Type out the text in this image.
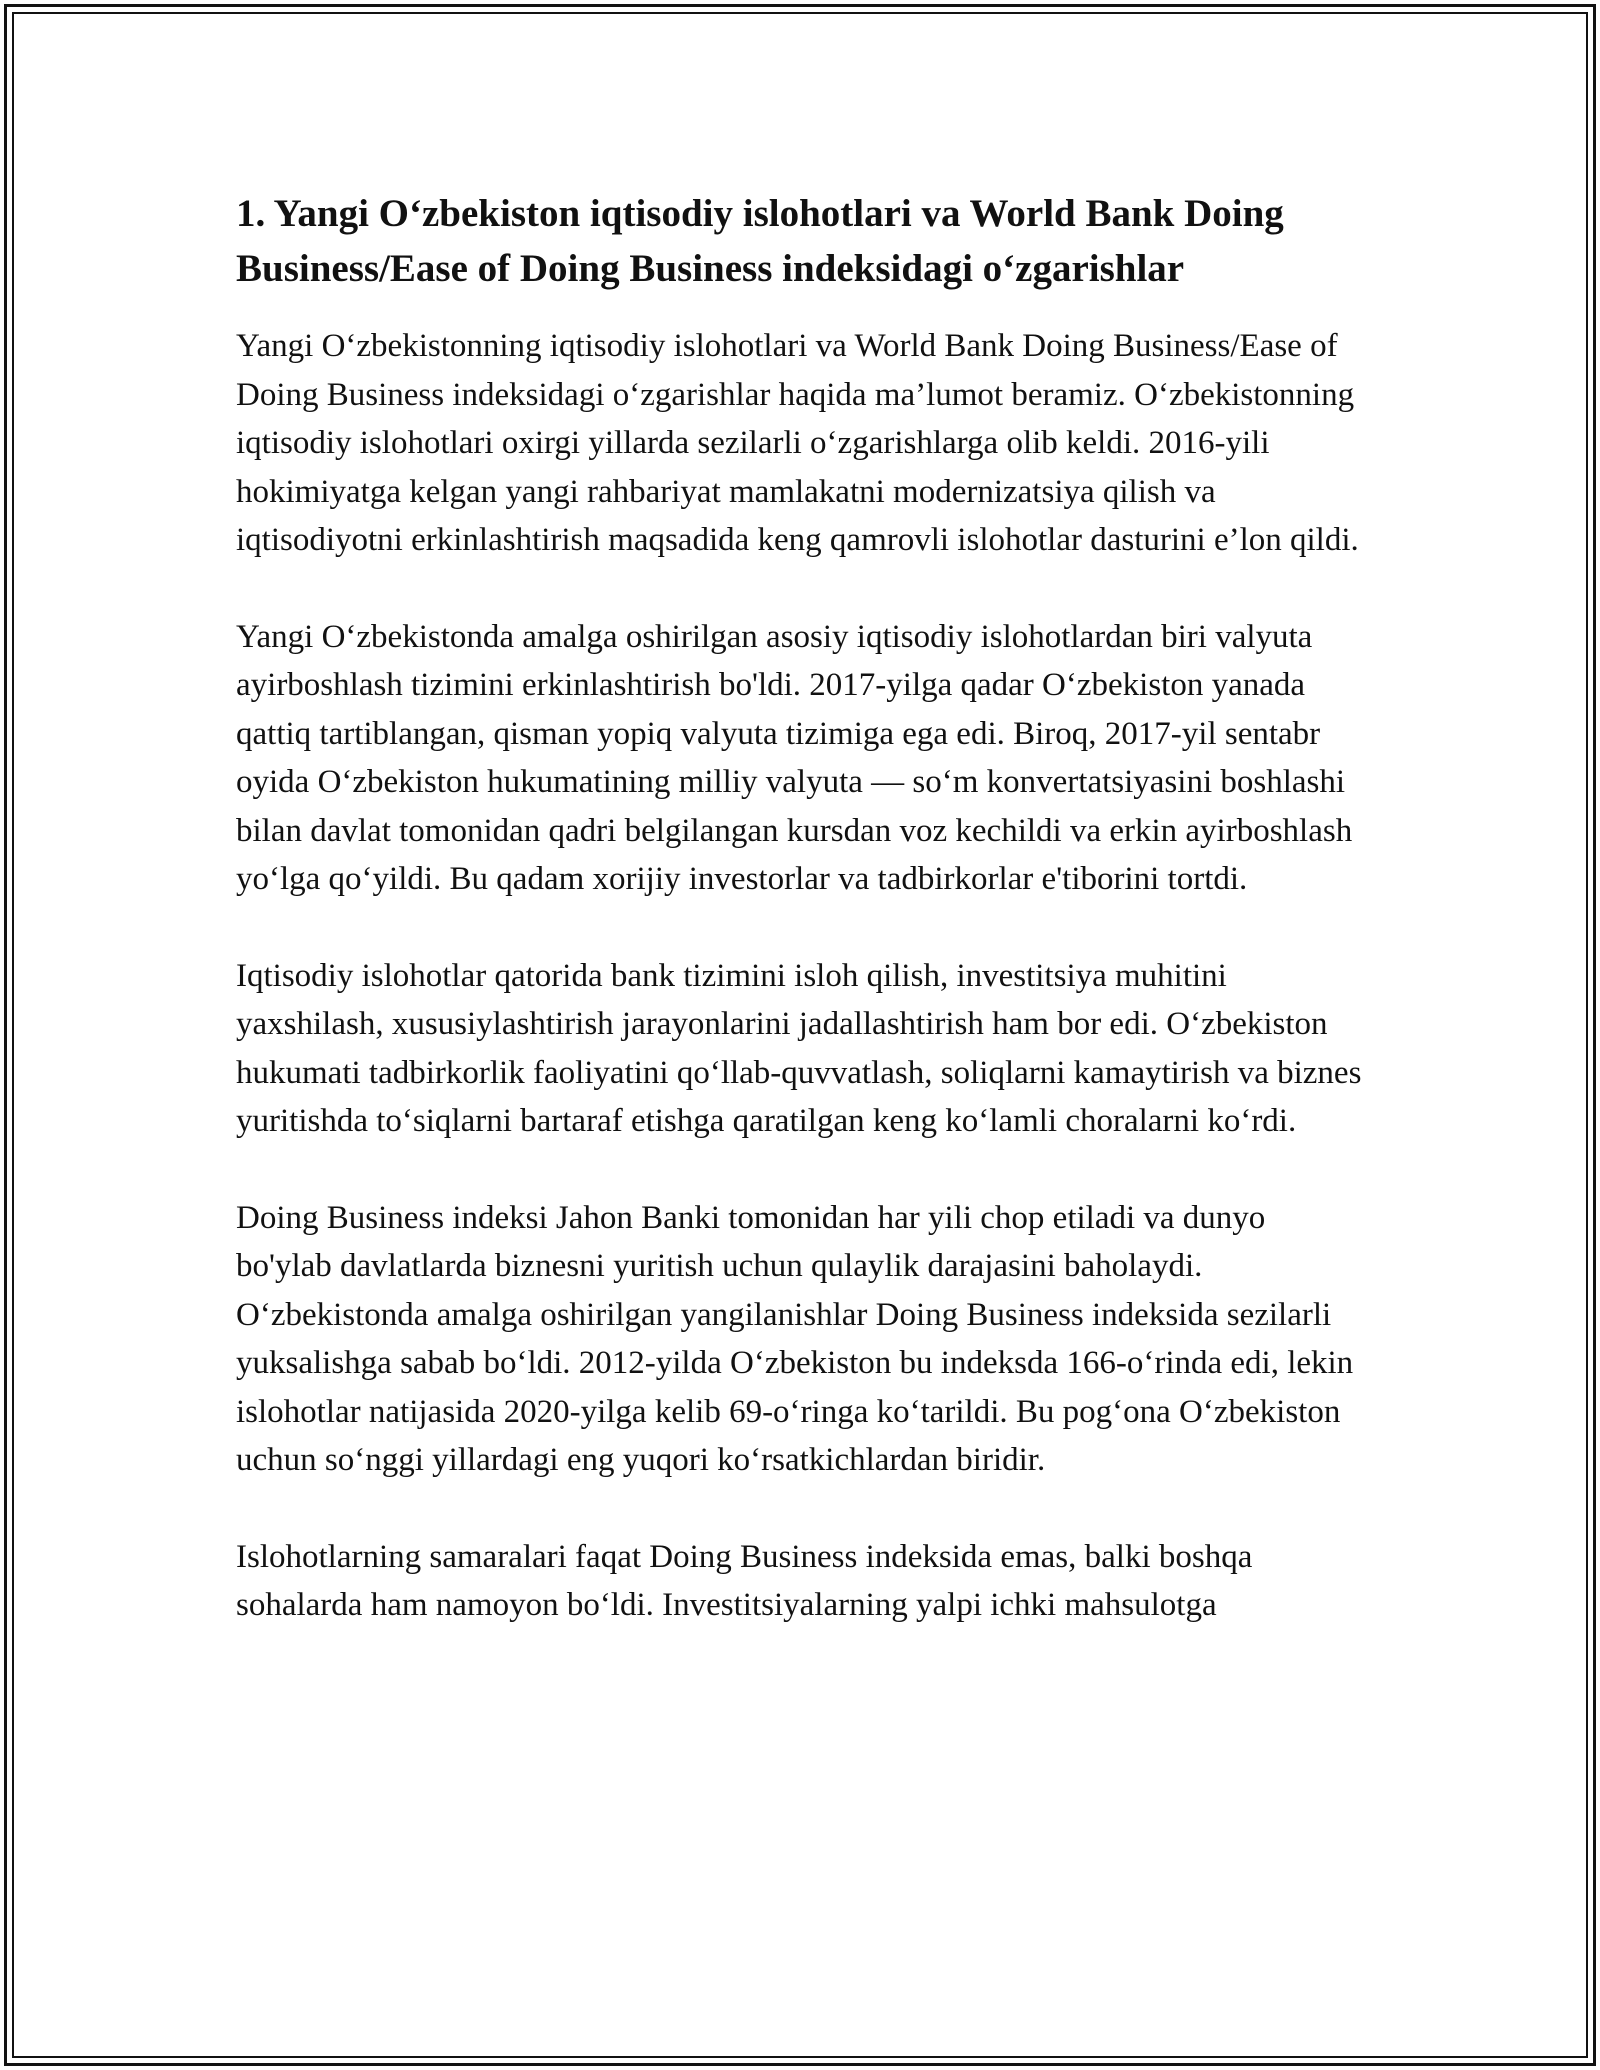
1. Yangi O‘zbekiston iqtisodiy islohotlari va World Bank Doing Business/Ease of Doing Business indeksidagi o‘zgarishlar

Yangi O‘zbekistonning iqtisodiy islohotlari va World Bank Doing Business/Ease of Doing Business indeksidagi o‘zgarishlar haqida ma’lumot beramiz. O‘zbekistonning iqtisodiy islohotlari oxirgi yillarda sezilarli o‘zgarishlarga olib keldi. 2016-yili hokimiyatga kelgan yangi rahbariyat mamlakatni modernizatsiya qilish va iqtisodiyotni erkinlashtirish maqsadida keng qamrovli islohotlar dasturini e’lon qildi.

Yangi O‘zbekistonda amalga oshirilgan asosiy iqtisodiy islohotlardan biri valyuta ayirboshlash tizimini erkinlashtirish bo'ldi. 2017-yilga qadar O‘zbekiston yanada qattiq tartiblangan, qisman yopiq valyuta tizimiga ega edi. Biroq, 2017-yil sentabr oyida O‘zbekiston hukumatining milliy valyuta — so‘m konvertatsiyasini boshlashi bilan davlat tomonidan qadri belgilangan kursdan voz kechildi va erkin ayirboshlash yo‘lga qo‘yildi. Bu qadam xorijiy investorlar va tadbirkorlar e'tiborini tortdi.

Iqtisodiy islohotlar qatorida bank tizimini isloh qilish, investitsiya muhitini yaxshilash, xususiylashtirish jarayonlarini jadallashtirish ham bor edi. O‘zbekiston hukumati tadbirkorlik faoliyatini qo‘llab-quvvatlash, soliqlarni kamaytirish va biznes yuritishda to‘siqlarni bartaraf etishga qaratilgan keng ko‘lamli choralarni ko‘rdi.

Doing Business indeksi Jahon Banki tomonidan har yili chop etiladi va dunyo bo'ylab davlatlarda biznesni yuritish uchun qulaylik darajasini baholaydi. O‘zbekistonda amalga oshirilgan yangilanishlar Doing Business indeksida sezilarli yuksalishga sabab bo‘ldi. 2012-yilda O‘zbekiston bu indeksda 166-o‘rinda edi, lekin islohotlar natijasida 2020-yilga kelib 69-o‘ringa ko‘tarildi. Bu pog‘ona O‘zbekiston uchun so‘nggi yillardagi eng yuqori ko‘rsatkichlardan biridir.

Islohotlarning samaralari faqat Doing Business indeksida emas, balki boshqa sohalarda ham namoyon bo‘ldi. Investitsiyalarning yalpi ichki mahsulotga
